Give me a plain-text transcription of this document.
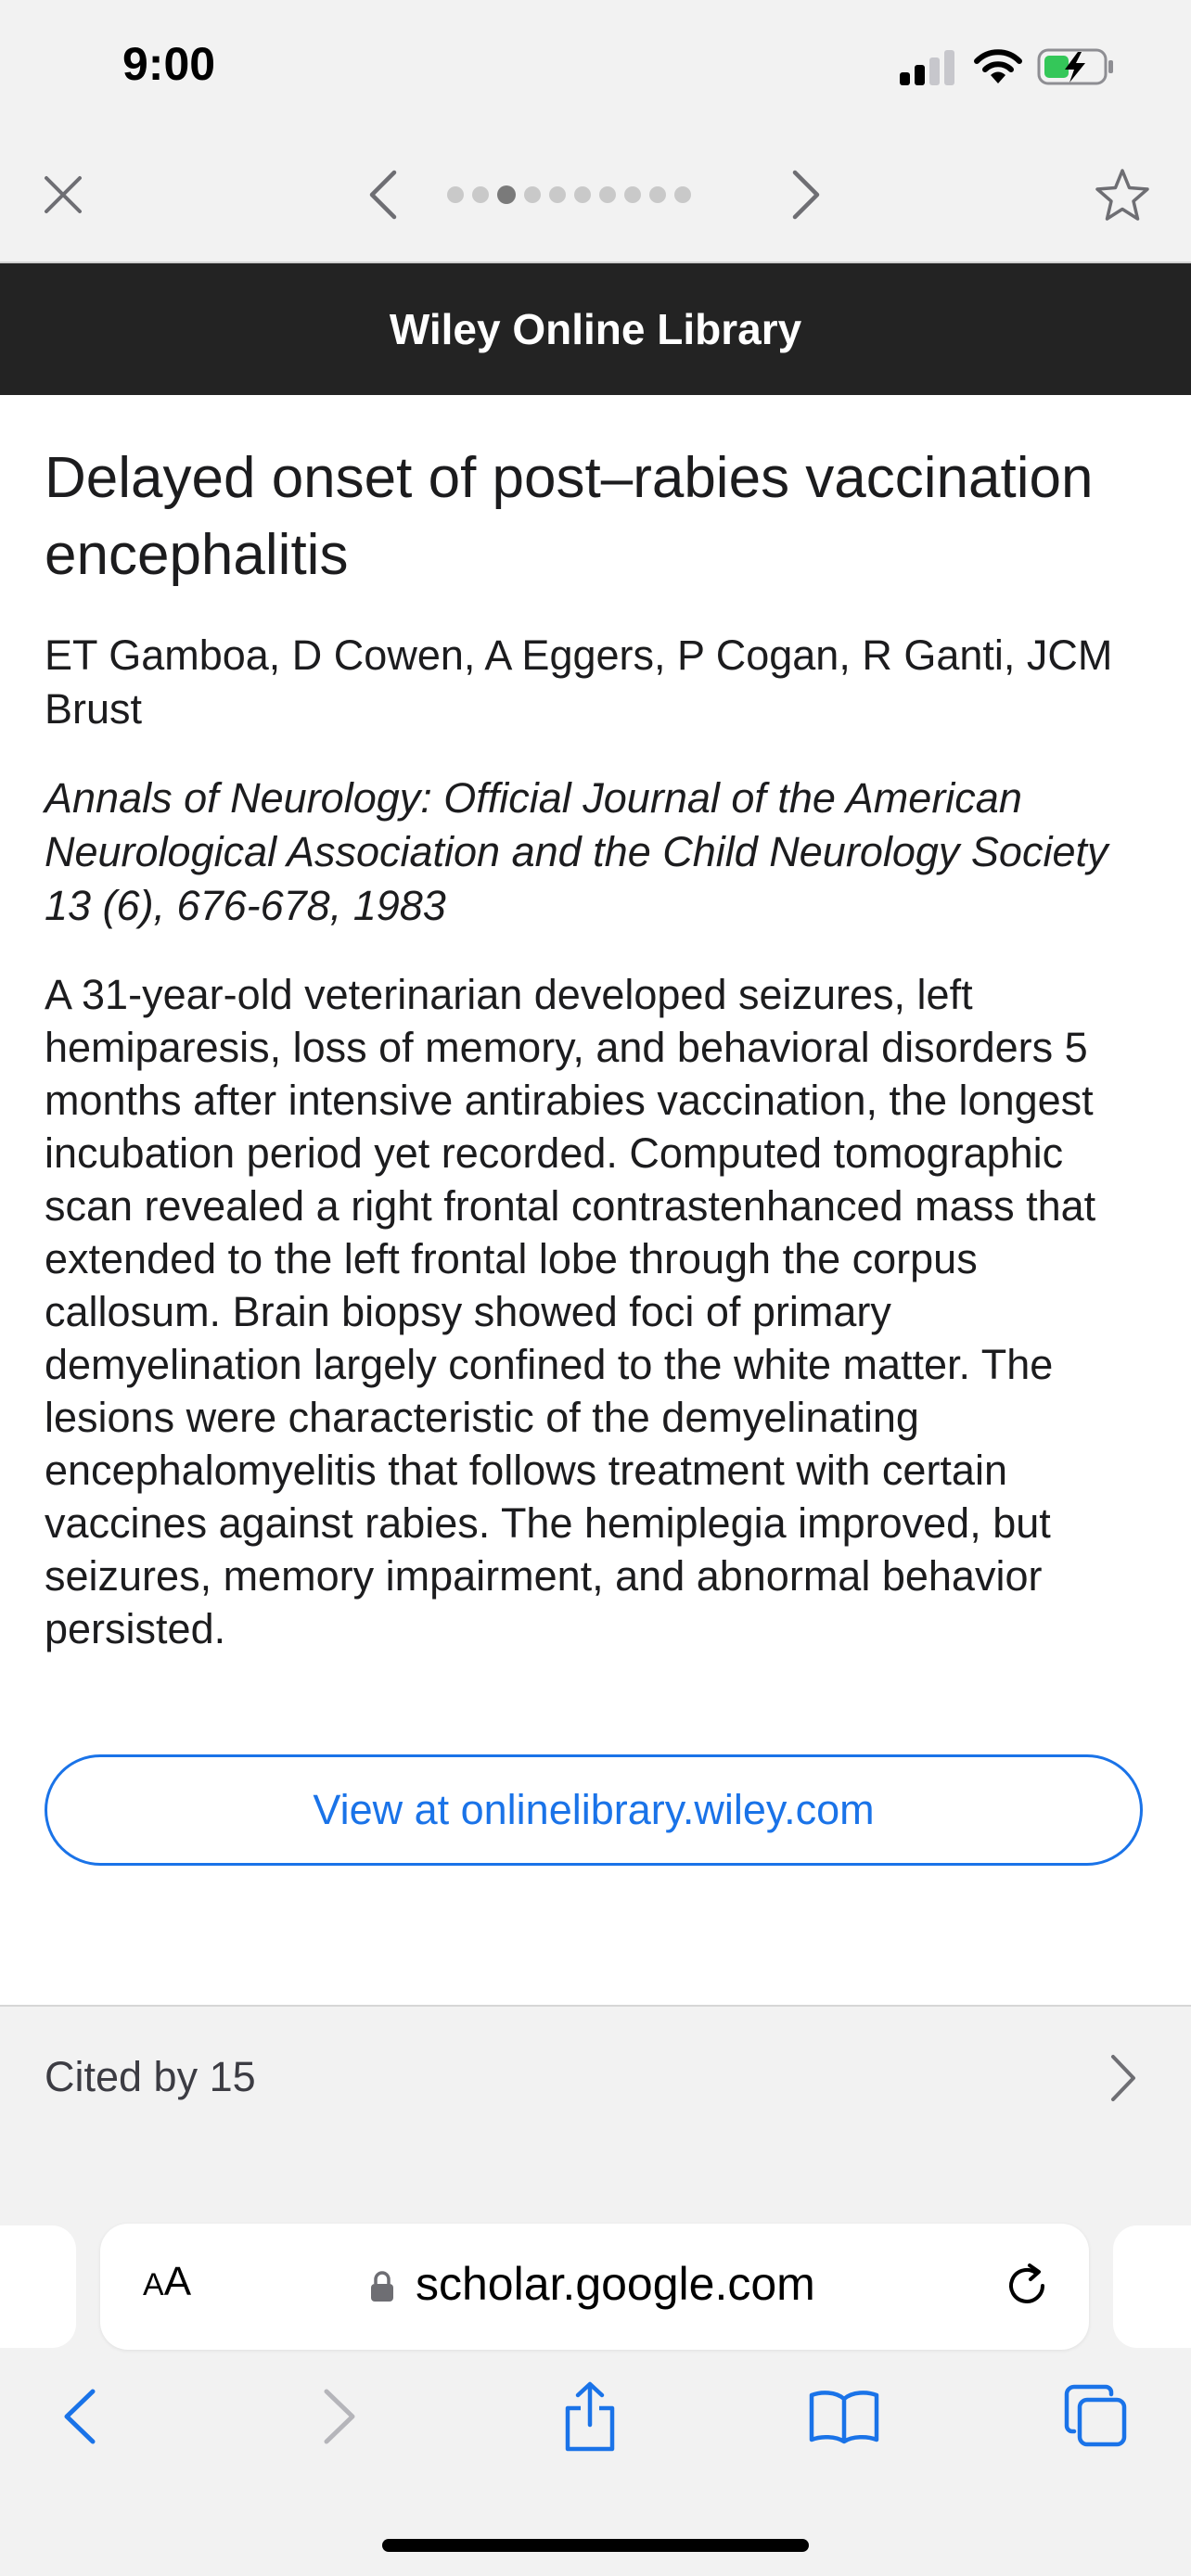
9:00
Wiley Online Library
Delayed onset of post–rabies vaccination encephalitis

ET Gamboa, D Cowen, A Eggers, P Cogan, R Ganti, JCM Brust

Annals of Neurology: Official Journal of the American Neurological Association and the Child Neurology Society 13 (6), 676-678, 1983

A 31-year-old veterinarian developed seizures, left hemiparesis, loss of memory, and behavioral disorders 5 months after intensive antirabies vaccination, the longest incubation period yet recorded. Computed tomographic scan revealed a right frontal contrastenhanced mass that extended to the left frontal lobe through the corpus callosum. Brain biopsy showed foci of primary demyelination largely confined to the white matter. The lesions were characteristic of the demyelinating encephalomyelitis that follows treatment with certain vaccines against rabies. The hemiplegia improved, but seizures, memory impairment, and abnormal behavior persisted.

View at onlinelibrary.wiley.com
Cited by 15
AA	scholar.google.com
